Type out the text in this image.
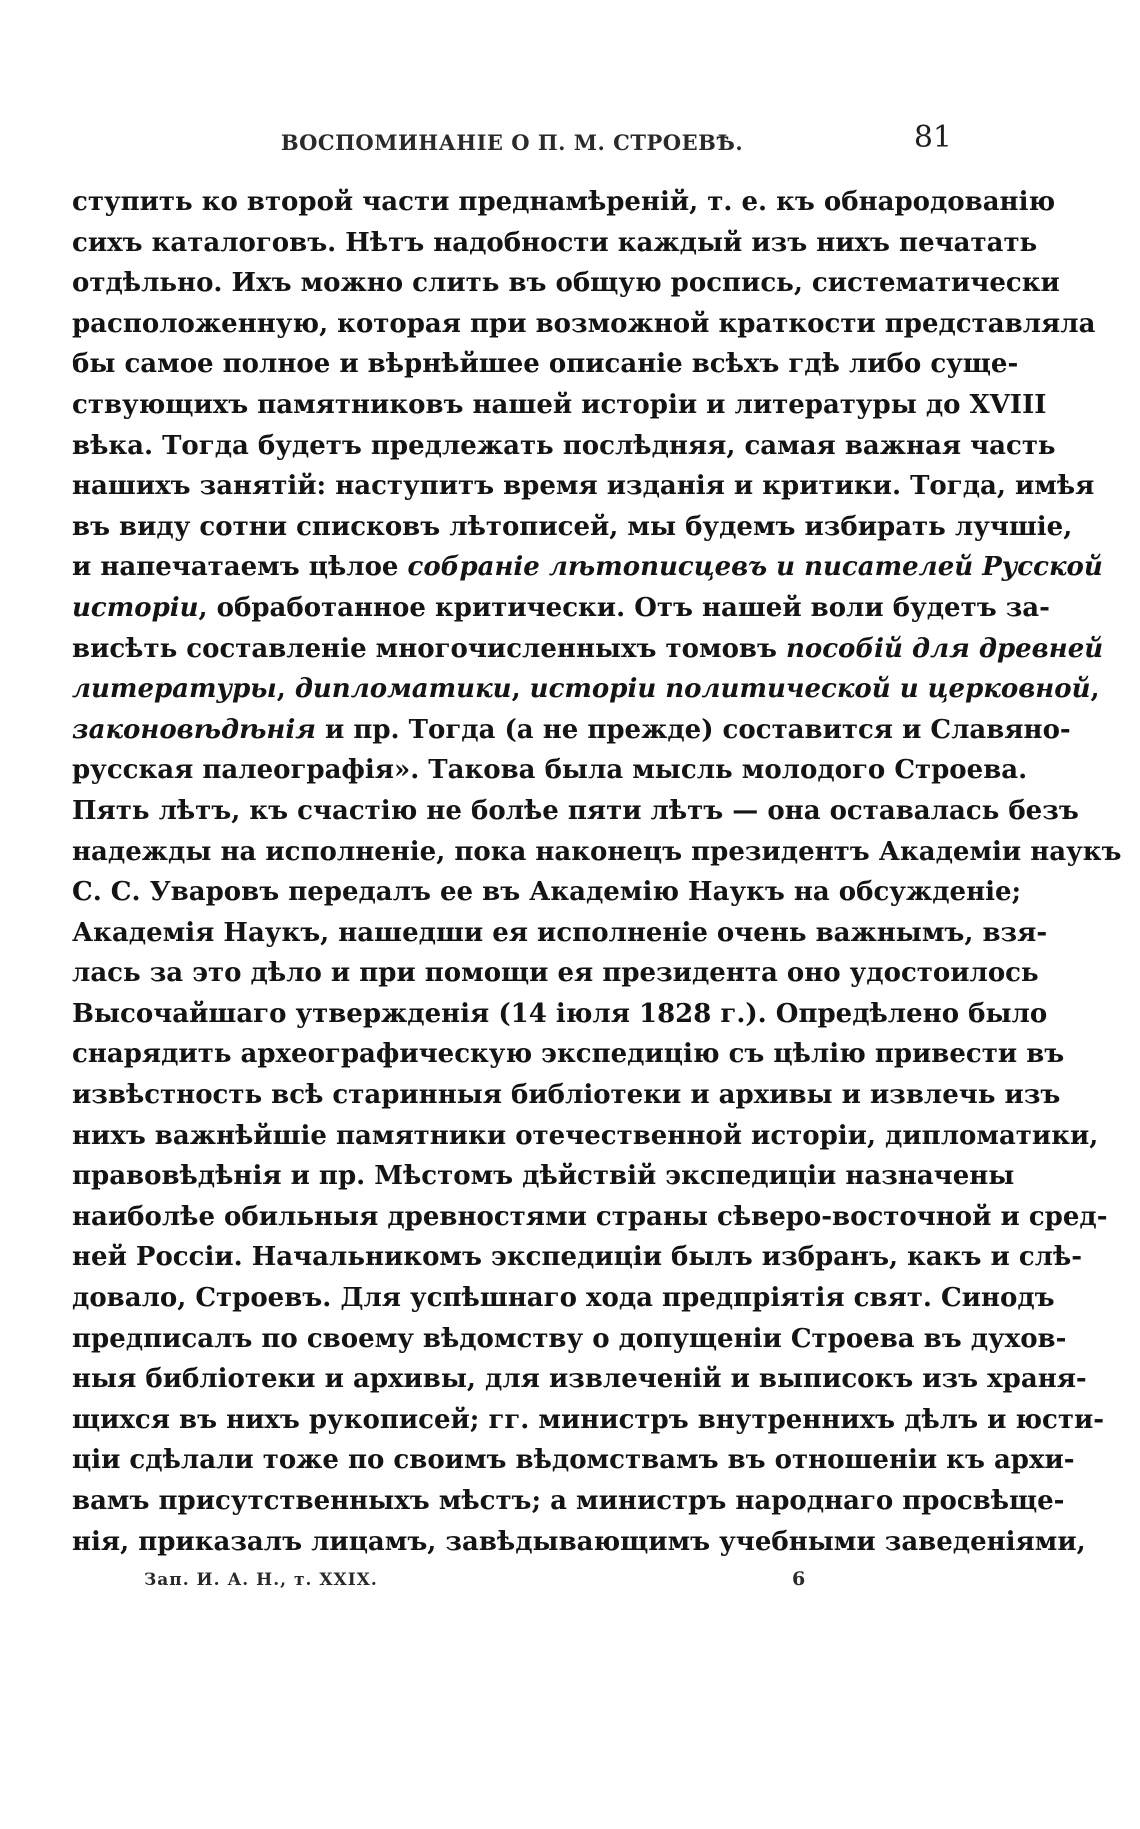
ВОСПОМИНАНІЕ О П. М. СТРОЕВѢ.	81
ступить ко второй части преднамѣреній, т. е. къ обнародованію
сихъ каталоговъ. Нѣтъ надобности каждый изъ нихъ печатать
отдѣльно. Ихъ можно слить въ общую роспись, систематически
расположенную, которая при возможной краткости представляла
бы самое полное и вѣрнѣйшее описаніе всѣхъ гдѣ либо суще-
ствующихъ памятниковъ нашей исторіи и литературы до XVIII
вѣка. Тогда будетъ предлежать послѣдняя, самая важная часть
нашихъ занятій: наступитъ время изданія и критики. Тогда, имѣя
въ виду сотни списковъ лѣтописей, мы будемъ избирать лучшіе,
и напечатаемъ цѣлое собраніе лѣтописцевъ и писателей Русской
исторіи, обработанное критически. Отъ нашей воли будетъ за-
висѣть составленіе многочисленныхъ томовъ пособій для древней
литературы, дипломатики, исторіи политической и церковной,
законовѣдѣнія и пр. Тогда (а не прежде) составится и Славяно-
русская палеографія». Такова была мысль молодого Строева.
Пять лѣтъ, къ счастію не болѣе пяти лѣтъ — она оставалась безъ
надежды на исполненіе, пока наконецъ президентъ Академіи наукъ
С. С. Уваровъ передалъ ее въ Академію Наукъ на обсужденіе;
Академія Наукъ, нашедши ея исполненіе очень важнымъ, взя-
лась за это дѣло и при помощи ея президента оно удостоилось
Высочайшаго утвержденія (14 іюля 1828 г.). Опредѣлено было
снарядить археографическую экспедицію съ цѣлію привести въ
извѣстность всѣ старинныя библіотеки и архивы и извлечь изъ
нихъ важнѣйшіе памятники отечественной исторіи, дипломатики,
правовѣдѣнія и пр. Мѣстомъ дѣйствій экспедиціи назначены
наиболѣе обильныя древностями страны сѣверо-восточной и сред-
ней Россіи. Начальникомъ экспедиціи былъ избранъ, какъ и слѣ-
довало, Строевъ. Для успѣшнаго хода предпріятія свят. Синодъ
предписалъ по своему вѣдомству о допущеніи Строева въ духов-
ныя библіотеки и архивы, для извлеченій и выписокъ изъ храня-
щихся въ нихъ рукописей; гг. министръ внутреннихъ дѣлъ и юсти-
ціи сдѣлали тоже по своимъ вѣдомствамъ въ отношеніи къ архи-
вамъ присутственныхъ мѣстъ; а министръ народнаго просвѣще-
нія, приказалъ лицамъ, завѣдывающимъ учебными заведеніями,
Зап. И. А. Н., т. XXIX.	6
